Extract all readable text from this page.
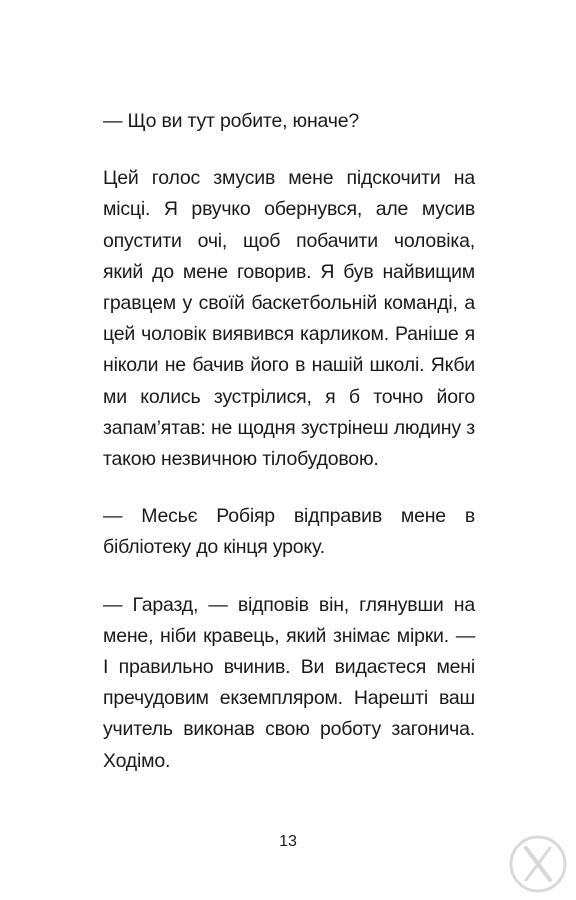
— Що ви тут робите, юначе?

Цей голос змусив мене підскочити на місці. Я рвучко обернувся, але мусив опустити очі, щоб побачити чоловіка, який до мене говорив. Я був найвищим гравцем у своїй баскетбольній команді, а цей чоловік виявився карликом. Раніше я ніколи не бачив його в нашій школі. Якби ми колись зустрілися, я б точно його запам’ятав: не щодня зустрінеш людину з такою незвичною тілобудовою.

— Месьє Робіяр відправив мене в бібліотеку до кінця уроку.

— Гаразд, — відповів він, глянувши на мене, ніби кравець, який знімає мірки. — І правильно вчинив. Ви видаєтеся мені пречудовим екземпляром. Нарешті ваш учитель виконав свою роботу загонича. Ходімо.

13
